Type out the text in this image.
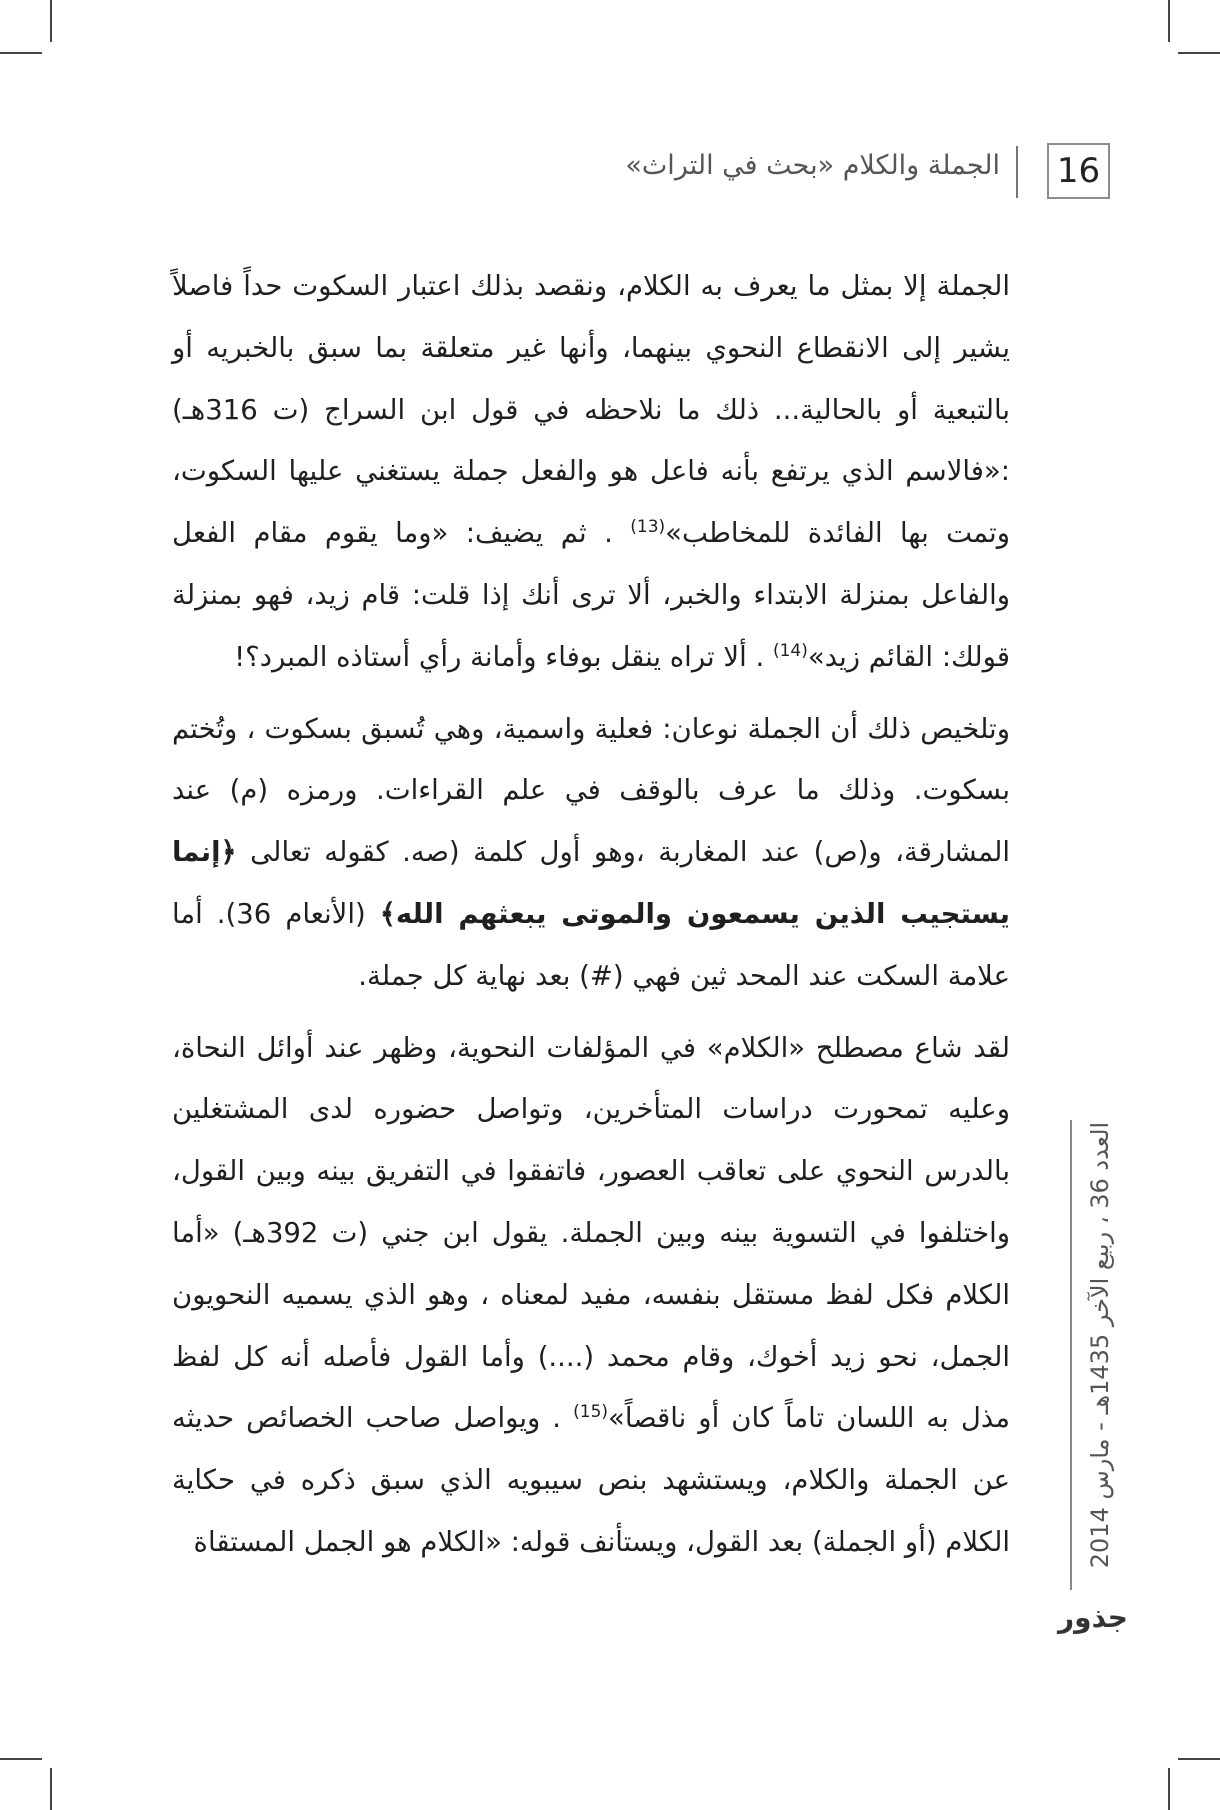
16
الجملة والكلام «بحث في التراث»

الجملة إلا بمثل ما يعرف به الكلام، ونقصد بذلك اعتبار السكوت حداً فاصلاً يشير إلى الانقطاع النحوي بينهما، وأنها غير متعلقة بما سبق بالخبريه أو بالتبعية أو بالحالية... ذلك ما نلاحظه في قول ابن السراج (ت 316هـ) :«فالاسم الذي يرتفع بأنه فاعل هو والفعل جملة يستغني عليها السكوت، وتمت بها الفائدة للمخاطب»$^{(13)}$ . ثم يضيف: «وما يقوم مقام الفعل والفاعل بمنزلة الابتداء والخبر، ألا ترى أنك إذا قلت: قام زيد، فهو بمنزلة قولك: القائم زيد»$^{(14)}$ . ألا تراه ينقل بوفاء وأمانة رأي أستاذه المبرد؟!

وتلخيص ذلك أن الجملة نوعان: فعلية واسمية، وهي تُسبق بسكوت ، وتُختم بسكوت. وذلك ما عرف بالوقف في علم القراءات. ورمزه (م) عند المشارقة، و(ص) عند المغاربة ،وهو أول كلمة (صه. كقوله تعالى ﴿إنما يستجيب الذين يسمعون والموتى يبعثهم الله﴾ (الأنعام 36). أما علامة السكت عند المحد ثين فهي (#) بعد نهاية كل جملة.

لقد شاع مصطلح «الكلام» في المؤلفات النحوية، وظهر عند أوائل النحاة، وعليه تمحورت دراسات المتأخرين، وتواصل حضوره لدى المشتغلين بالدرس النحوي على تعاقب العصور، فاتفقوا في التفريق بينه وبين القول، واختلفوا في التسوية بينه وبين الجملة. يقول ابن جني (ت 392هـ) «أما الكلام فكل لفظ مستقل بنفسه، مفيد لمعناه ، وهو الذي يسميه النحويون الجمل، نحو زيد أخوك، وقام محمد (....) وأما القول فأصله أنه كل لفظ مذل به اللسان تاماً كان أو ناقصاً»$^{(15)}$ . ويواصل صاحب الخصائص حديثه عن الجملة والكلام، ويستشهد بنص سيبويه الذي سبق ذكره في حكاية الكلام (أو الجملة) بعد القول، ويستأنف قوله: «الكلام هو الجمل المستقاة	العدد 36 ، ربيع الآخر 1435هـ - مارس 2014
جذور
